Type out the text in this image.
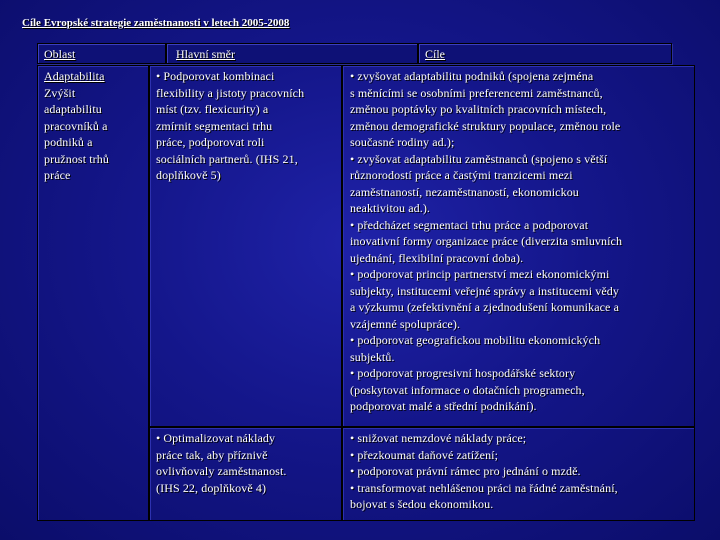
Cíle Evropské strategie zaměstnanosti v letech 2005-2008
Oblast	Hlavní směr	Cíle
Adaptabilita
Zvýšit
adaptabilitu
pracovníků a
podniků a
pružnost trhů
práce
• Podporovat kombinaci
flexibility a jistoty pracovních
míst (tzv. flexicurity) a
zmírnit segmentaci trhu
práce, podporovat roli
sociálních partnerů. (IHS 21,
doplňkově 5)
• zvyšovat adaptabilitu podniků (spojena zejména
s měnícími se osobními preferencemi zaměstnanců,
změnou poptávky po kvalitních pracovních místech,
změnou demografické struktury populace, změnou role
současné rodiny ad.);
• zvyšovat adaptabilitu zaměstnanců (spojeno s větší
různorodostí práce a častými tranzicemi mezi
zaměstnaností, nezaměstnaností, ekonomickou
neaktivitou ad.).
• předcházet segmentaci trhu práce a podporovat
inovativní formy organizace práce (diverzita smluvních
ujednání, flexibilní pracovní doba).
• podporovat princip partnerství mezi ekonomickými
subjekty, institucemi veřejné správy a institucemi vědy
a výzkumu (zefektivnění a zjednodušení komunikace a
vzájemné spolupráce).
• podporovat geografickou mobilitu ekonomických
subjektů.
• podporovat progresivní hospodářské sektory
(poskytovat informace o dotačních programech,
podporovat malé a střední podnikání).
• Optimalizovat náklady
práce tak, aby příznivě
ovlivňovaly zaměstnanost.
(IHS 22, doplňkově 4)
• snižovat nemzdové náklady práce;
• přezkoumat daňové zatížení;
• podporovat právní rámec pro jednání o mzdě.
• transformovat nehlášenou práci na řádné zaměstnání,
bojovat s šedou ekonomikou.
